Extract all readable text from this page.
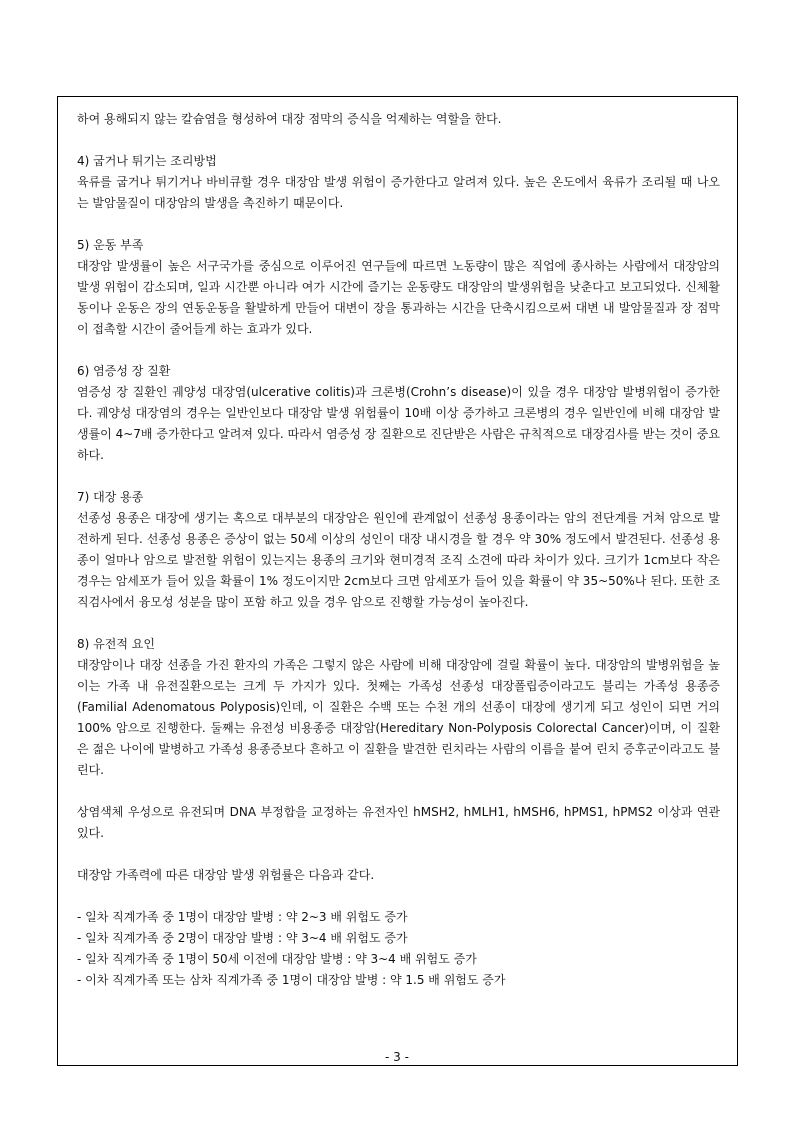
하여 용해되지 않는 칼슘염을 형성하여 대장 점막의 증식을 억제하는 역할을 한다.

4) 굽거나 튀기는 조리방법

육류를 굽거나 튀기거나 바비큐할 경우 대장암 발생 위험이 증가한다고 알려져 있다. 높은 온도에서 육류가 조리될 때 나오는 발암물질이 대장암의 발생을 촉진하기 때문이다.

5) 운동 부족

대장암 발생률이 높은 서구국가를 중심으로 이루어진 연구들에 따르면 노동량이 많은 직업에 종사하는 사람에서 대장암의 발생 위험이 감소되며, 일과 시간뿐 아니라 여가 시간에 즐기는 운동량도 대장암의 발생위험을 낮춘다고 보고되었다. 신체활동이나 운동은 장의 연동운동을 활발하게 만들어 대변이 장을 통과하는 시간을 단축시킴으로써 대변 내 발암물질과 장 점막이 접촉할 시간이 줄어들게 하는 효과가 있다.

6) 염증성 장 질환

염증성 장 질환인 궤양성 대장염(ulcerative colitis)과 크론병(Crohn’s disease)이 있을 경우 대장암 발병위험이 증가한다. 궤양성 대장염의 경우는 일반인보다 대장암 발생 위험률이 10배 이상 증가하고 크론병의 경우 일반인에 비해 대장암 발생률이 4~7배 증가한다고 알려져 있다. 따라서 염증성 장 질환으로 진단받은 사람은 규칙적으로 대장검사를 받는 것이 중요하다.

7) 대장 용종

선종성 용종은 대장에 생기는 혹으로 대부분의 대장암은 원인에 관계없이 선종성 용종이라는 암의 전단계를 거쳐 암으로 발전하게 된다. 선종성 용종은 증상이 없는 50세 이상의 성인이 대장 내시경을 할 경우 약 30% 정도에서 발견된다. 선종성 용종이 얼마나 암으로 발전할 위험이 있는지는 용종의 크기와 현미경적 조직 소견에 따라 차이가 있다. 크기가 1cm보다 작은 경우는 암세포가 들어 있을 확률이 1% 정도이지만 2cm보다 크면 암세포가 들어 있을 확률이 약 35~50%나 된다. 또한 조직검사에서 융모성 성분을 많이 포함 하고 있을 경우 암으로 진행할 가능성이 높아진다.

8) 유전적 요인

대장암이나 대장 선종을 가진 환자의 가족은 그렇지 않은 사람에 비해 대장암에 걸릴 확률이 높다. 대장암의 발병위험을 높이는 가족 내 유전질환으로는 크게 두 가지가 있다. 첫째는 가족성 선종성 대장폴립증이라고도 불리는 가족성 용종증(Familial Adenomatous Polyposis)인데, 이 질환은 수백 또는 수천 개의 선종이 대장에 생기게 되고 성인이 되면 거의 100% 암으로 진행한다. 둘째는 유전성 비용종증 대장암(Hereditary Non-Polyposis Colorectal Cancer)이며, 이 질환은 젊은 나이에 발병하고 가족성 용종증보다 흔하고 이 질환을 발견한 린치라는 사람의 이름을 붙여 린치 증후군이라고도 불린다.

상염색체 우성으로 유전되며 DNA 부정합을 교정하는 유전자인 hMSH2, hMLH1, hMSH6, hPMS1, hPMS2 이상과 연관 있다.

대장암 가족력에 따른 대장암 발생 위험률은 다음과 같다.

- 일차 직계가족 중 1명이 대장암 발병 : 약 2~3 배 위험도 증가
- 일차 직계가족 중 2명이 대장암 발병 : 약 3~4 배 위험도 증가
- 일차 직계가족 중 1명이 50세 이전에 대장암 발병 : 약 3~4 배 위험도 증가
- 이차 직계가족 또는 삼차 직계가족 중 1명이 대장암 발병 : 약 1.5 배 위험도 증가
- 3 -
